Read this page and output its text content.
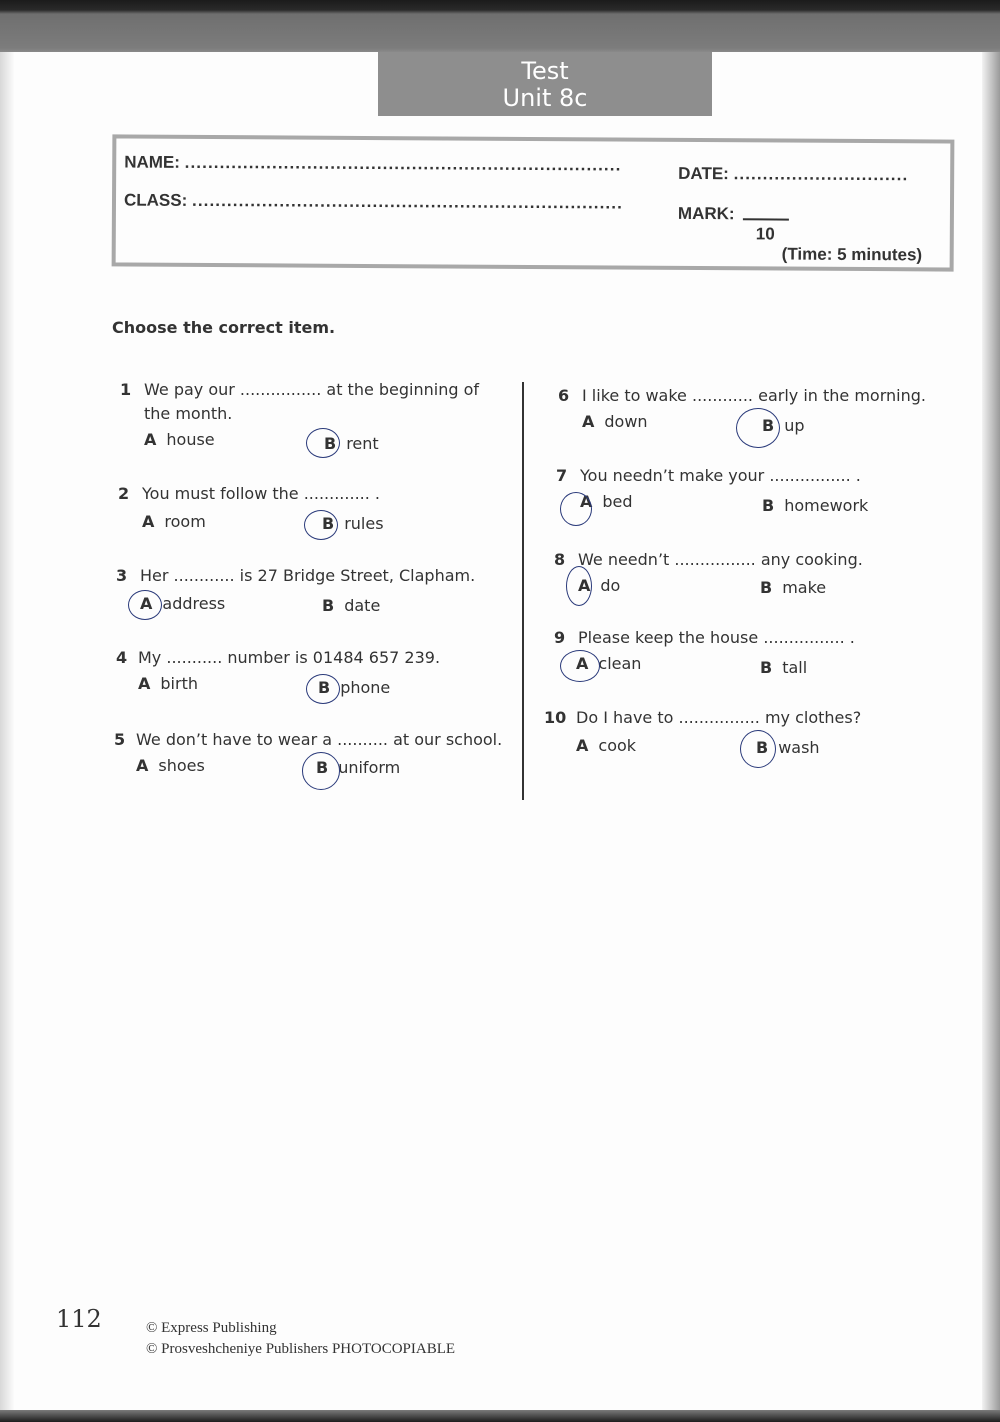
Test
Unit 8c
NAME: ...........................................................................	DATE: ..............................
CLASS: ..........................................................................
MARK:
10
(Time: 5 minutes)
Choose the correct item.
1 We pay our ................ at the beginning of
the month.
A house	B rent
2 You must follow the ............. .
A room	B rules
3 Her ............ is 27 Bridge Street, Clapham.
A address	B date
4 My ........... number is 01484 657 239.
A birth	B phone
5 We don’t have to wear a .......... at our school.
A shoes	B uniform
6 I like to wake ............ early in the morning.
A down	B up
7 You needn’t make your ................ .
A bed	B homework
8 We needn’t ................ any cooking.
A do	B make
9 Please keep the house ................ .
A clean	B tall
10 Do I have to ................ my clothes?
A cook	B wash
112	© Express Publishing
© Prosveshcheniye Publishers PHOTOCOPIABLE
